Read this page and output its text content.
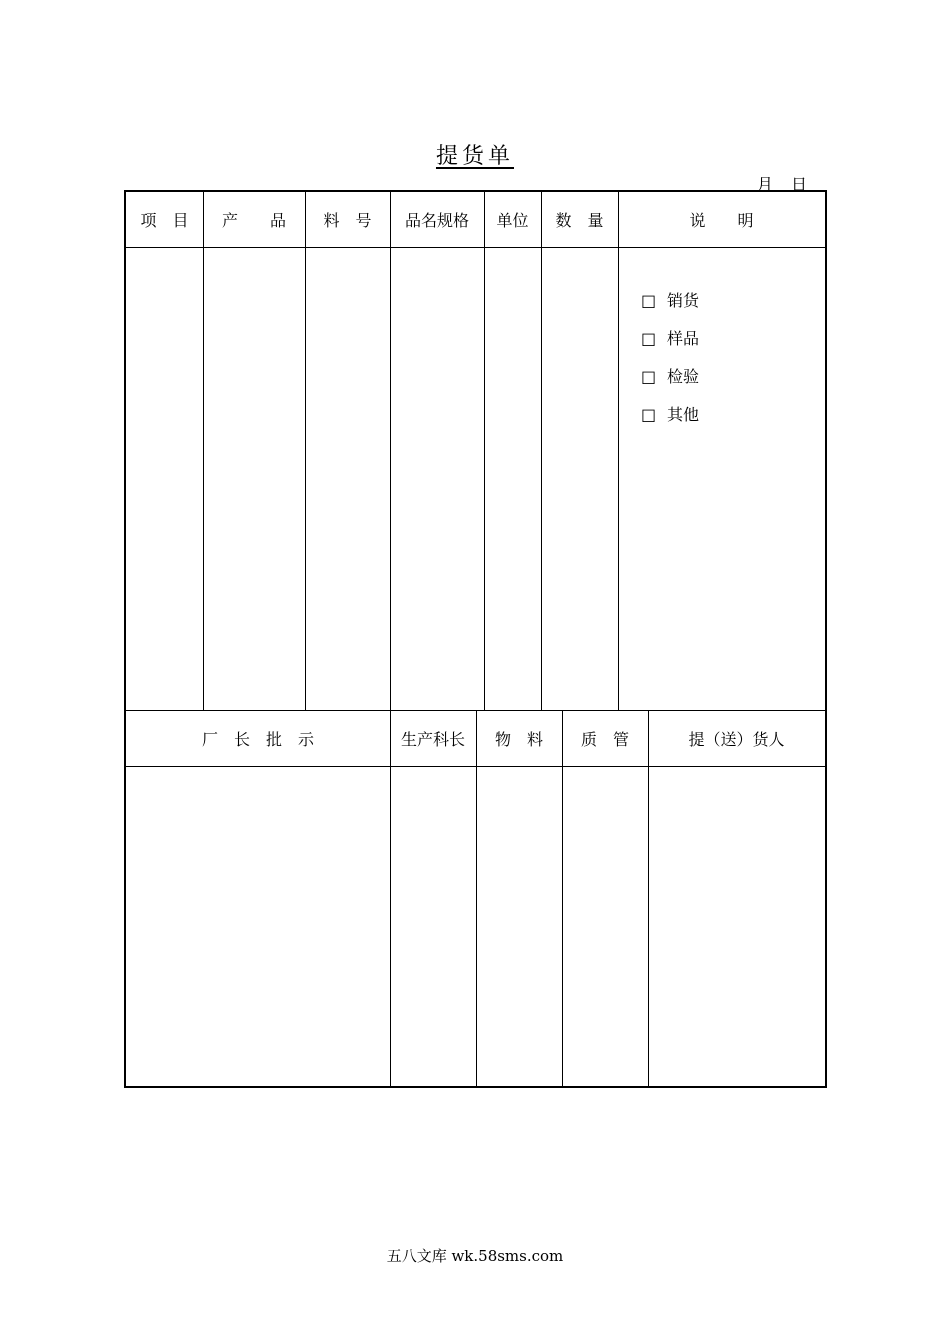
提货单
月 日
项　目	产　　品	料　号	品名规格	单位	数　量	说　　明
□ 销货
□ 样品
□ 检验
□ 其他
厂　长　批　示	生产科长	物　料	质　管	提（送）货人
五八文库 wk.58sms.com
